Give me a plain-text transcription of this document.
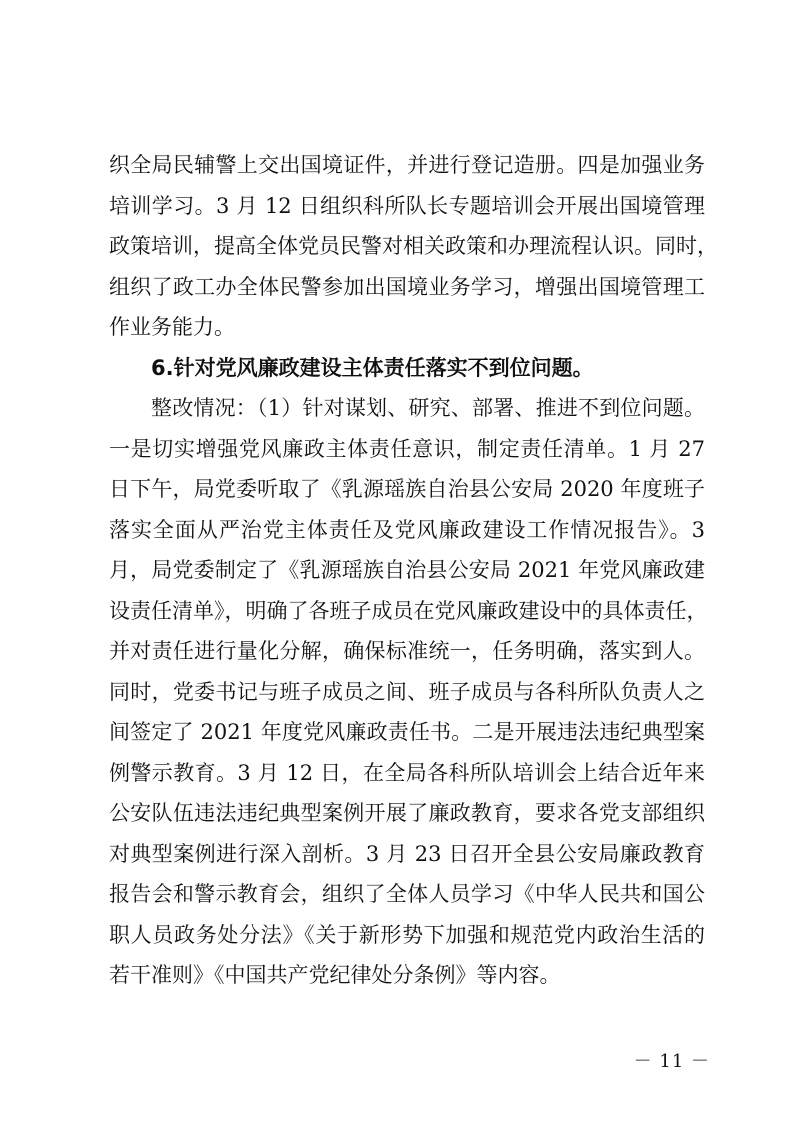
织全局民辅警上交出国境证件，并进行登记造册。四是加强业务
培训学习。3 月 12 日组织科所队长专题培训会开展出国境管理
政策培训，提高全体党员民警对相关政策和办理流程认识。同时，
组织了政工办全体民警参加出国境业务学习，增强出国境管理工
作业务能力。
6.针对党风廉政建设主体责任落实不到位问题。
整改情况：（1）针对谋划、研究、部署、推进不到位问题。
一是切实增强党风廉政主体责任意识，制定责任清单。1 月 27
日下午，局党委听取了《乳源瑶族自治县公安局 2020 年度班子
落实全面从严治党主体责任及党风廉政建设工作情况报告》。3
月，局党委制定了《乳源瑶族自治县公安局 2021 年党风廉政建
设责任清单》，明确了各班子成员在党风廉政建设中的具体责任，
并对责任进行量化分解，确保标准统一，任务明确，落实到人。
同时，党委书记与班子成员之间、班子成员与各科所队负责人之
间签定了 2021 年度党风廉政责任书。二是开展违法违纪典型案
例警示教育。3 月 12 日，在全局各科所队培训会上结合近年来
公安队伍违法违纪典型案例开展了廉政教育，要求各党支部组织
对典型案例进行深入剖析。3 月 23 日召开全县公安局廉政教育
报告会和警示教育会，组织了全体人员学习《中华人民共和国公
职人员政务处分法》《关于新形势下加强和规范党内政治生活的
若干准则》《中国共产党纪律处分条例》等内容。
－ 11 －
